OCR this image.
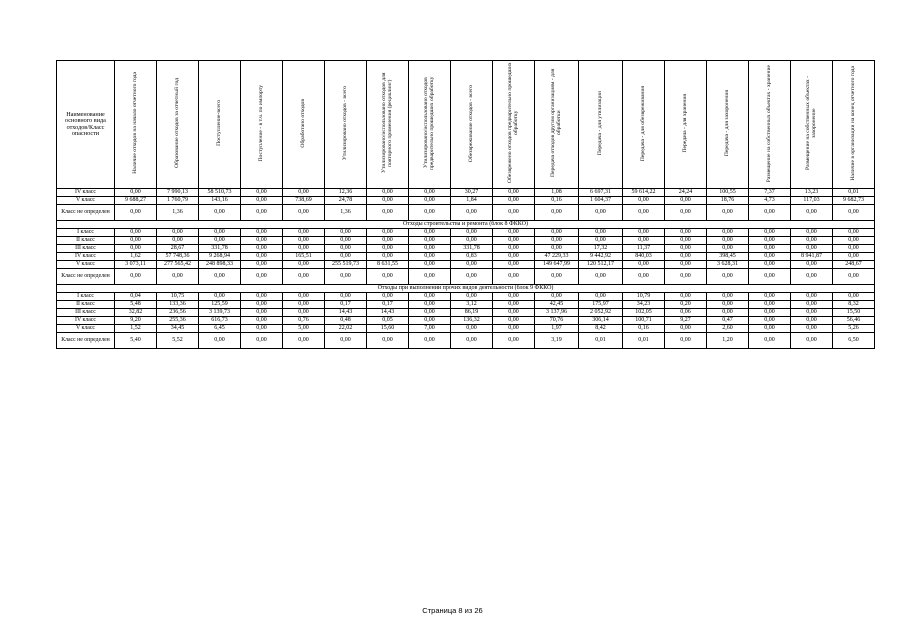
Наименование основного вида отходов/Класс опасности	Наличие отходов на начало отчетного года	Образование отходов за отчетный год	Поступление-всего	Поступление - в т.ч. по импорту	Обработано отходов	Утилизировано отходов - всего	Утилизировано/использовано отходов для повторного применения (рециклинг)	Утилизировано/использовано отходов предварительно прошедших обработку	Обезвреживание отходов - всего	Обезврежено отходов предварительно прошедших обработку	Передача отходов другим организациям - для обработки	Передача - для утилизации	Передача - для обезвреживания	Передача - для хранения	Передача - для захоронения	Размещение на собственных объектах - хранение	Размещение на собственных объектах - захоронение	Наличие в организации на конец отчетного года
IV класс	0,00	7 990,13	58 510,73	0,00	0,00	12,36	0,00	0,00	30,27	0,00	1,08	6 697,31	59 614,22	24,24	100,55	7,37	13,23	0,01
V класс	9 688,27	1 760,79	143,16	0,00	738,69	24,78	0,00	0,00	1,84	0,00	0,16	1 604,37	0,00	0,00	18,76	4,73	117,03	9 682,73
Класс не определен	0,00	1,36	0,00	0,00	0,00	1,36	0,00	0,00	0,00	0,00	0,00	0,00	0,00	0,00	0,00	0,00	0,00	0,00
Отходы строительства и ремонта (блок 8 ФККО)																		
I класс	0,00	0,00	0,00	0,00	0,00	0,00	0,00	0,00	0,00	0,00	0,00	0,00	0,00	0,00	0,00	0,00	0,00	0,00
II класс	0,00	0,00	0,00	0,00	0,00	0,00	0,00	0,00	0,00	0,00	0,00	0,00	0,00	0,00	0,00	0,00	0,00	0,00
III класс	0,00	28,67	331,78	0,00	0,00	0,00	0,00	0,00	331,78	0,00	0,00	17,32	11,37	0,00	0,00	0,00	0,00	0,00
IV класс	1,62	57 748,36	9 268,94	0,00	165,51	0,00	0,00	0,00	0,83	0,00	47 229,33	9 442,92	840,03	0,00	398,45	0,00	8 941,87	0,00
V класс	3 073,11	277 565,42	248 898,33	0,00	0,00	255 519,73	8 631,55	0,00	0,00	0,00	149 647,99	120 512,17	0,00	0,00	3 628,31	0,00	0,00	248,67
Класс не определен	0,00	0,00	0,00	0,00	0,00	0,00	0,00	0,00	0,00	0,00	0,00	0,00	0,00	0,00	0,00	0,00	0,00	0,00
Отходы при выполнении прочих видов деятельности (блок 9 ФККО)																		
I класс	0,04	10,75	0,00	0,00	0,00	0,00	0,00	0,00	0,00	0,00	0,00	0,00	10,79	0,00	0,00	0,00	0,00	0,00
II класс	5,48	133,36	125,59	0,00	0,00	0,17	0,17	0,00	3,12	0,00	42,45	175,97	34,23	0,20	0,00	0,00	0,00	8,32
III класс	32,82	236,56	3 139,73	0,00	0,00	14,43	14,43	0,00	86,19	0,00	3 137,96	2 052,92	102,05	0,06	0,00	0,00	0,00	15,50
IV класс	9,20	255,36	616,73	0,00	0,76	0,48	0,05	0,00	136,32	0,00	70,76	306,14	100,71	9,27	0,47	0,00	0,00	56,46
V класс	1,52	34,45	6,45	0,00	5,00	22,02	15,60	7,00	0,00	0,00	1,97	8,42	0,16	0,00	2,60	0,00	0,00	5,26
Класс не определен	5,40	5,52	0,00	0,00	0,00	0,00	0,00	0,00	0,00	0,00	3,19	0,01	0,01	0,00	1,20	0,00	0,00	6,50
Страница 8 из 26
